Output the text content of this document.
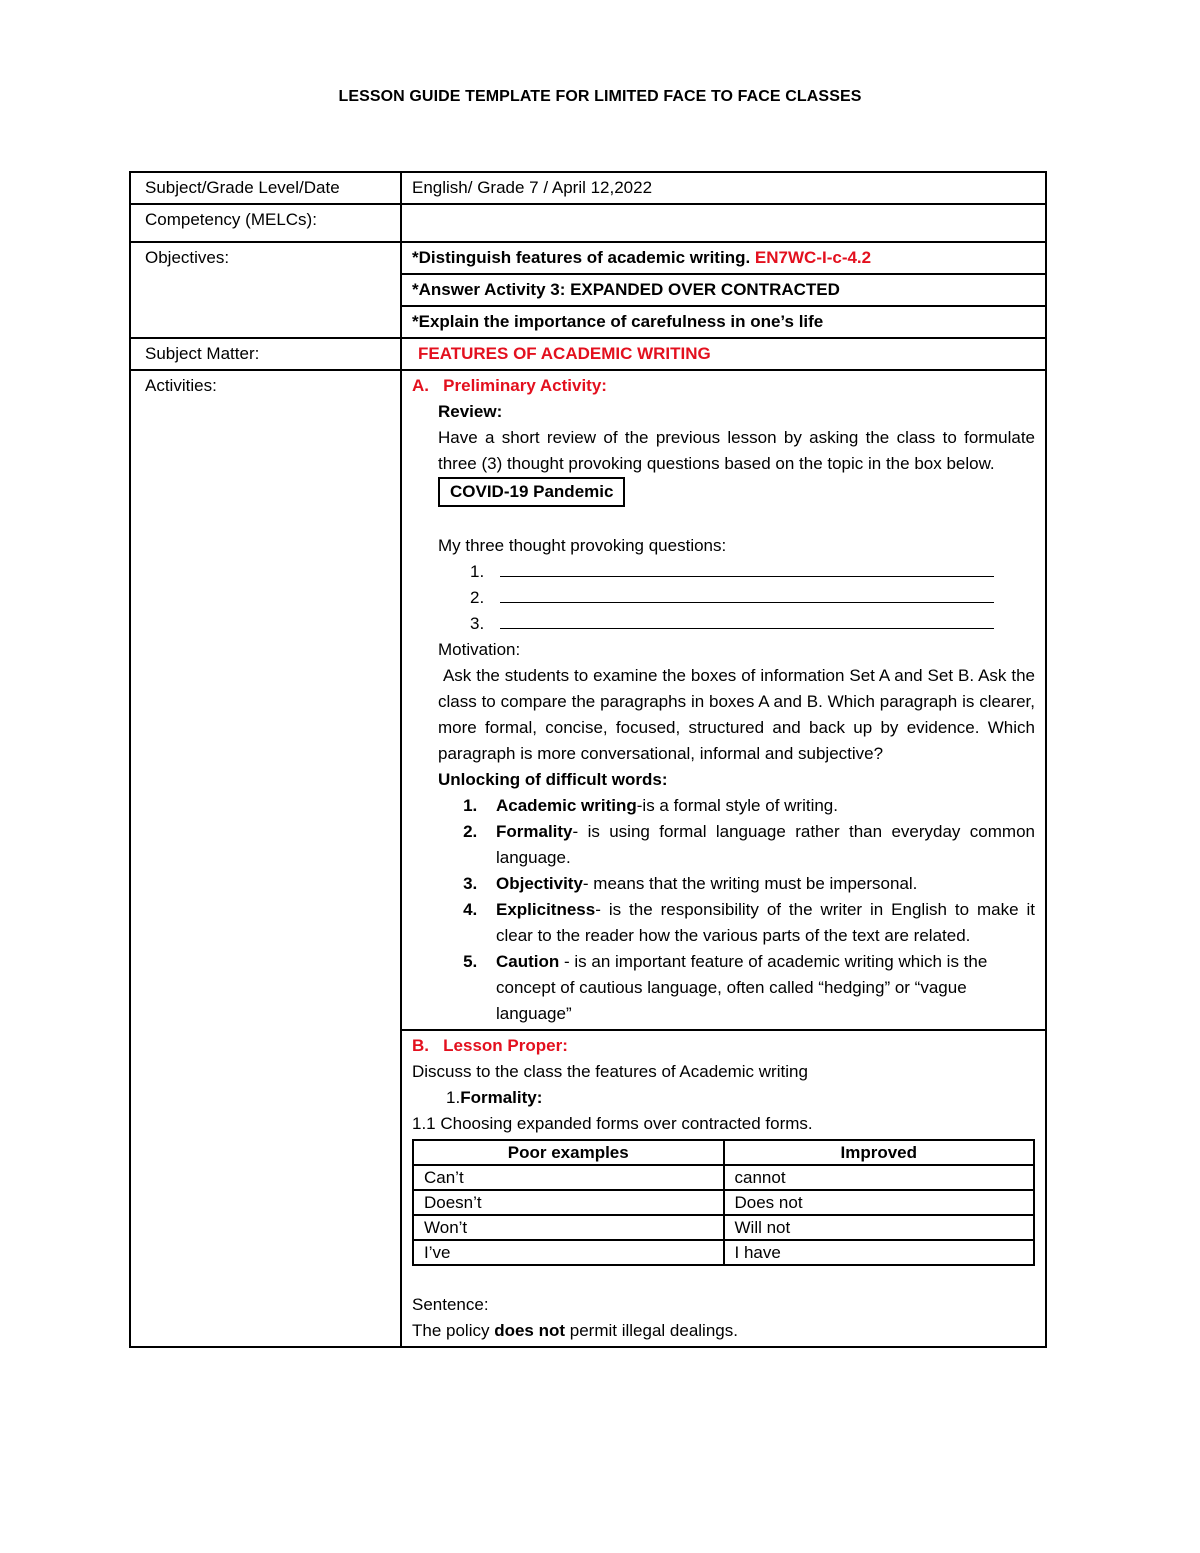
LESSON GUIDE TEMPLATE FOR LIMITED FACE TO FACE CLASSES
Subject/Grade Level/Date	English/ Grade 7 / April 12,2022
Competency (MELCs):	
Objectives:	*Distinguish features of academic writing. EN7WC-I-c-4.2
*Answer Activity 3: EXPANDED OVER CONTRACTED
*Explain the importance of carefulness in one’s life
Subject Matter:	FEATURES OF ACADEMIC WRITING
Activities:	A. Preliminary Activity:
Review:
Have a short review of the previous lesson by asking the class to formulate three (3) thought provoking questions based on the topic in the box below.
COVID-19 Pandemic
My three thought provoking questions:
1.
2.
3.
Motivation:
Ask the students to examine the boxes of information Set A and Set B. Ask the class to compare the paragraphs in boxes A and B. Which paragraph is clearer, more formal, concise, focused, structured and back up by evidence. Which paragraph is more conversational, informal and subjective?
Unlocking of difficult words:
1. Academic writing-is a formal style of writing.
2. Formality- is using formal language rather than everyday common language.
3. Objectivity- means that the writing must be impersonal.
4. Explicitness- is the responsibility of the writer in English to make it clear to the reader how the various parts of the text are related.
5. Caution - is an important feature of academic writing which is the concept of cautious language, often called “hedging” or “vague language”

B. Lesson Proper:
Discuss to the class the features of Academic writing
1.Formality:
1.1 Choosing expanded forms over contracted forms.
Poor examples	Improved
Can’t	cannot
Doesn’t	Does not
Won’t	Will not
I’ve	I have
Sentence:
The policy does not permit illegal dealings.
